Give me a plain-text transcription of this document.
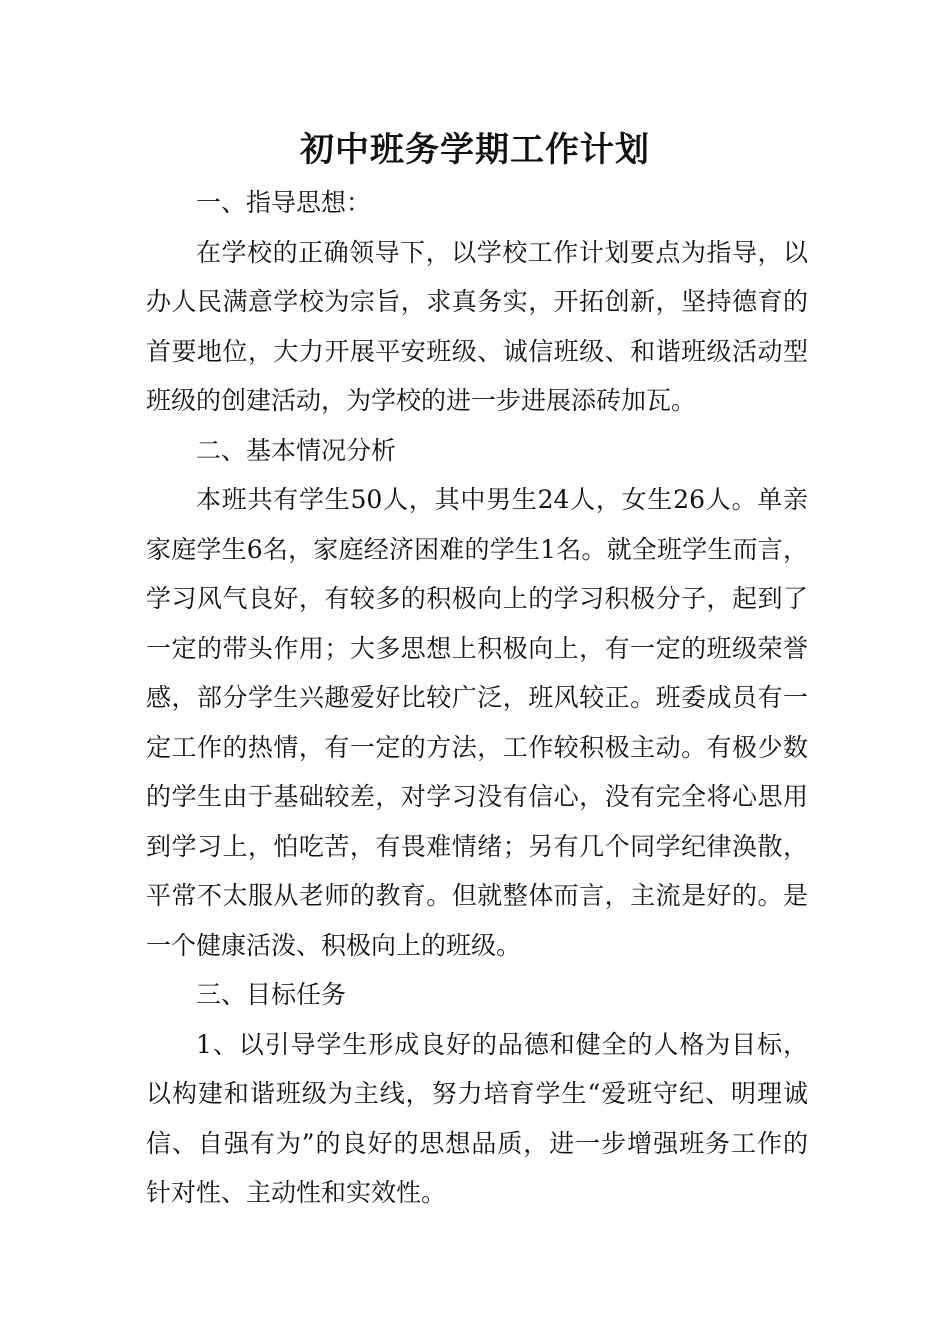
初中班务学期工作计划

一、指导思想：

在学校的正确领导下，以学校工作计划要点为指导，以办人民满意学校为宗旨，求真务实，开拓创新，坚持德育的首要地位，大力开展平安班级、诚信班级、和谐班级活动型班级的创建活动，为学校的进一步进展添砖加瓦。

二、基本情况分析

本班共有学生50人，其中男生24人，女生26人。单亲家庭学生6名，家庭经济困难的学生1名。就全班学生而言，学习风气良好，有较多的积极向上的学习积极分子，起到了一定的带头作用；大多思想上积极向上，有一定的班级荣誉感，部分学生兴趣爱好比较广泛，班风较正。班委成员有一定工作的热情，有一定的方法，工作较积极主动。有极少数的学生由于基础较差，对学习没有信心，没有完全将心思用到学习上，怕吃苦，有畏难情绪；另有几个同学纪律涣散，平常不太服从老师的教育。但就整体而言，主流是好的。是一个健康活泼、积极向上的班级。

三、目标任务

1、以引导学生形成良好的品德和健全的人格为目标，以构建和谐班级为主线，努力培育学生“爱班守纪、明理诚信、自强有为”的良好的思想品质，进一步增强班务工作的针对性、主动性和实效性。
